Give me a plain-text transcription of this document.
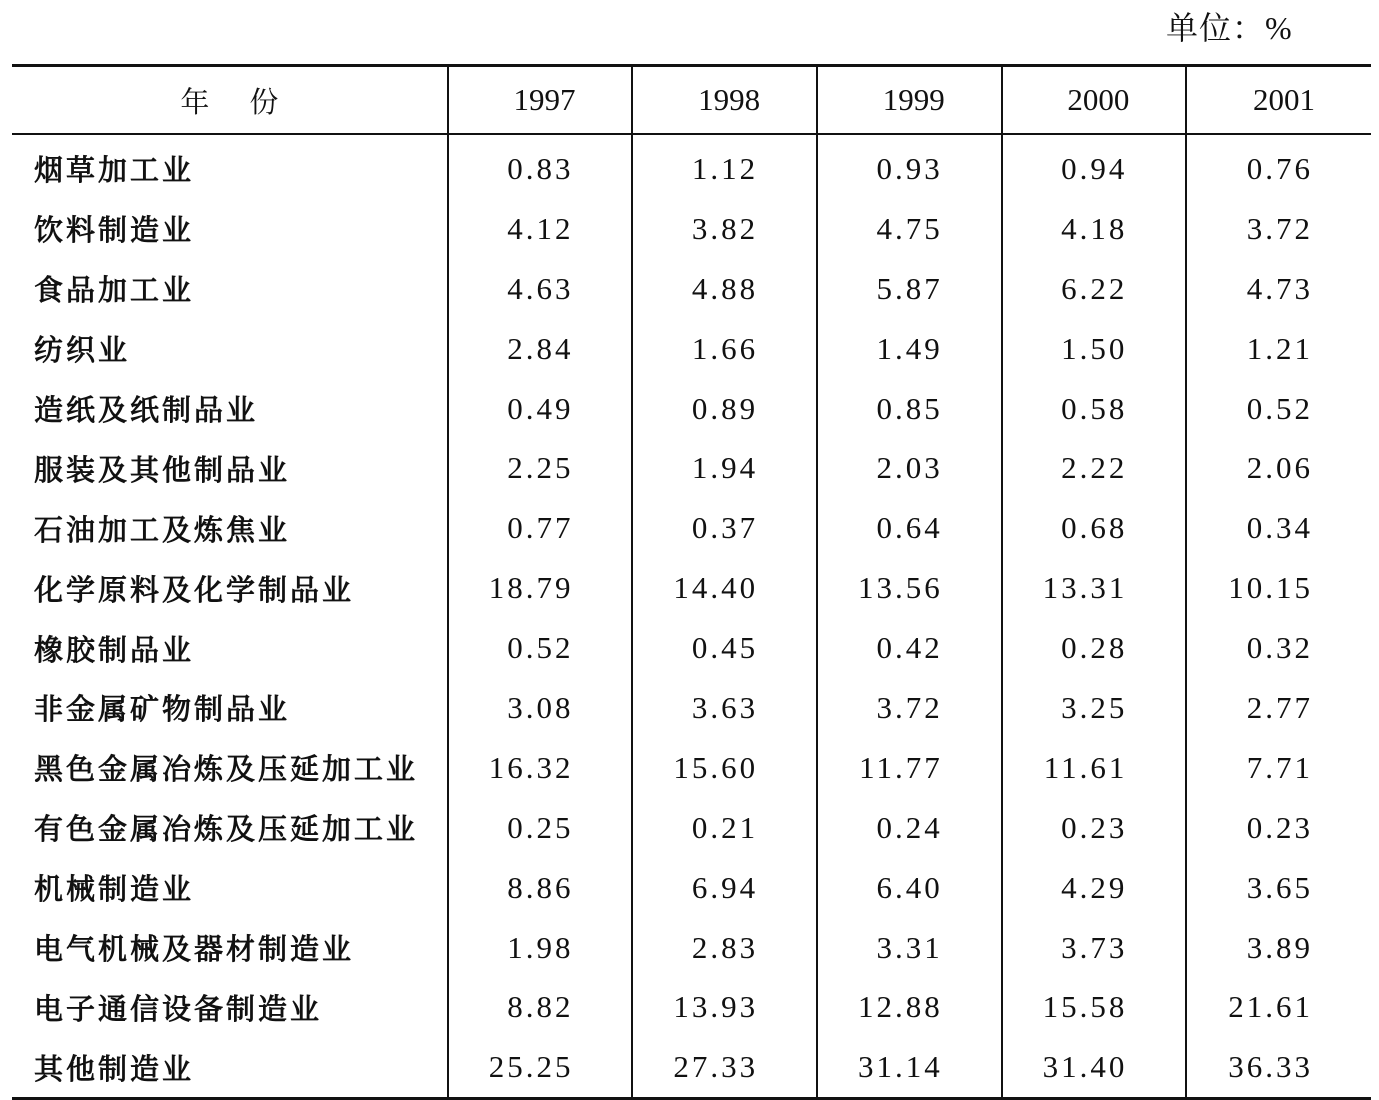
单位：%
年份	1997	1998	1999	2000	2001
烟草加工业	0.83	1.12	0.93	0.94	0.76
饮料制造业	4.12	3.82	4.75	4.18	3.72
食品加工业	4.63	4.88	5.87	6.22	4.73
纺织业	2.84	1.66	1.49	1.50	1.21
造纸及纸制品业	0.49	0.89	0.85	0.58	0.52
服装及其他制品业	2.25	1.94	2.03	2.22	2.06
石油加工及炼焦业	0.77	0.37	0.64	0.68	0.34
化学原料及化学制品业	18.79	14.40	13.56	13.31	10.15
橡胶制品业	0.52	0.45	0.42	0.28	0.32
非金属矿物制品业	3.08	3.63	3.72	3.25	2.77
黑色金属冶炼及压延加工业	16.32	15.60	11.77	11.61	7.71
有色金属冶炼及压延加工业	0.25	0.21	0.24	0.23	0.23
机械制造业	8.86	6.94	6.40	4.29	3.65
电气机械及器材制造业	1.98	2.83	3.31	3.73	3.89
电子通信设备制造业	8.82	13.93	12.88	15.58	21.61
其他制造业	25.25	27.33	31.14	31.40	36.33
